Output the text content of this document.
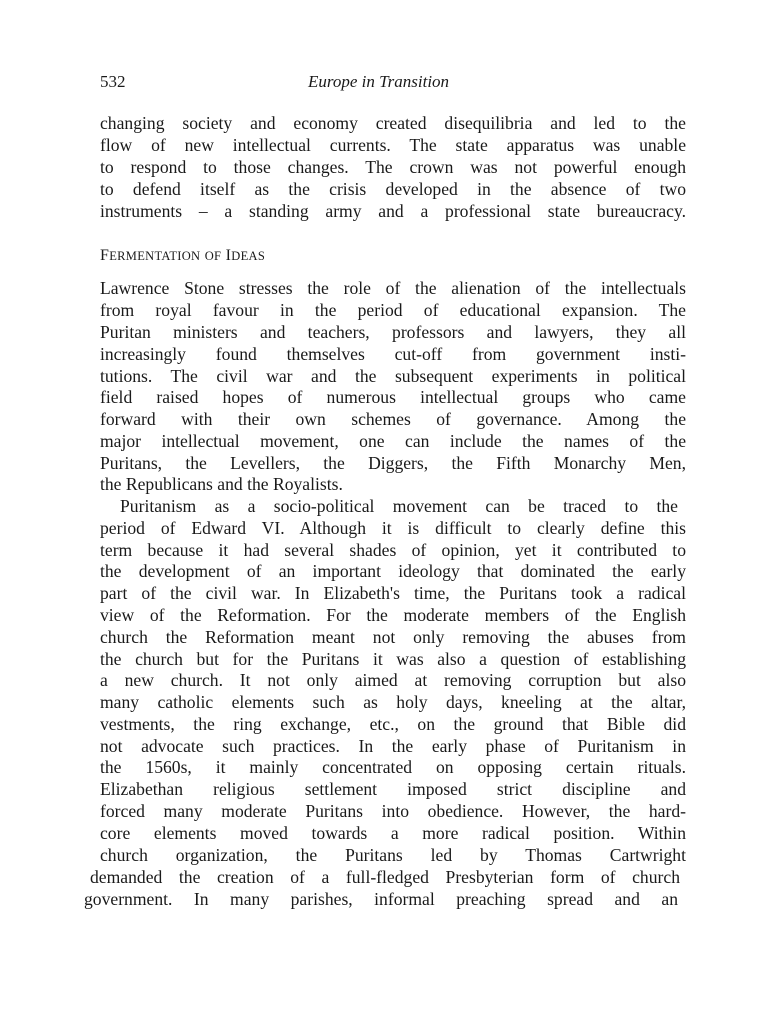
532	Europe in Transition
changing society and economy created disequilibria and led to the
flow of new intellectual currents. The state apparatus was unable
to respond to those changes. The crown was not powerful enough
to defend itself as the crisis developed in the absence of two
instruments – a standing army and a professional state bureaucracy.
FERMENTATION OF IDEAS
Lawrence Stone stresses the role of the alienation of the intellectuals
from royal favour in the period of educational expansion. The
Puritan ministers and teachers, professors and lawyers, they all
increasingly found themselves cut-off from government insti-
tutions. The civil war and the subsequent experiments in political
field raised hopes of numerous intellectual groups who came
forward with their own schemes of governance. Among the
major intellectual movement, one can include the names of the
Puritans, the Levellers, the Diggers, the Fifth Monarchy Men,
the Republicans and the Royalists.
Puritanism as a socio-political movement can be traced to the
period of Edward VI. Although it is difficult to clearly define this
term because it had several shades of opinion, yet it contributed to
the development of an important ideology that dominated the early
part of the civil war. In Elizabeth's time, the Puritans took a radical
view of the Reformation. For the moderate members of the English
church the Reformation meant not only removing the abuses from
the church but for the Puritans it was also a question of establishing
a new church. It not only aimed at removing corruption but also
many catholic elements such as holy days, kneeling at the altar,
vestments, the ring exchange, etc., on the ground that Bible did
not advocate such practices. In the early phase of Puritanism in
the 1560s, it mainly concentrated on opposing certain rituals.
Elizabethan religious settlement imposed strict discipline and
forced many moderate Puritans into obedience. However, the hard-
core elements moved towards a more radical position. Within
church organization, the Puritans led by Thomas Cartwright
demanded the creation of a full-fledged Presbyterian form of church
government. In many parishes, informal preaching spread and an
